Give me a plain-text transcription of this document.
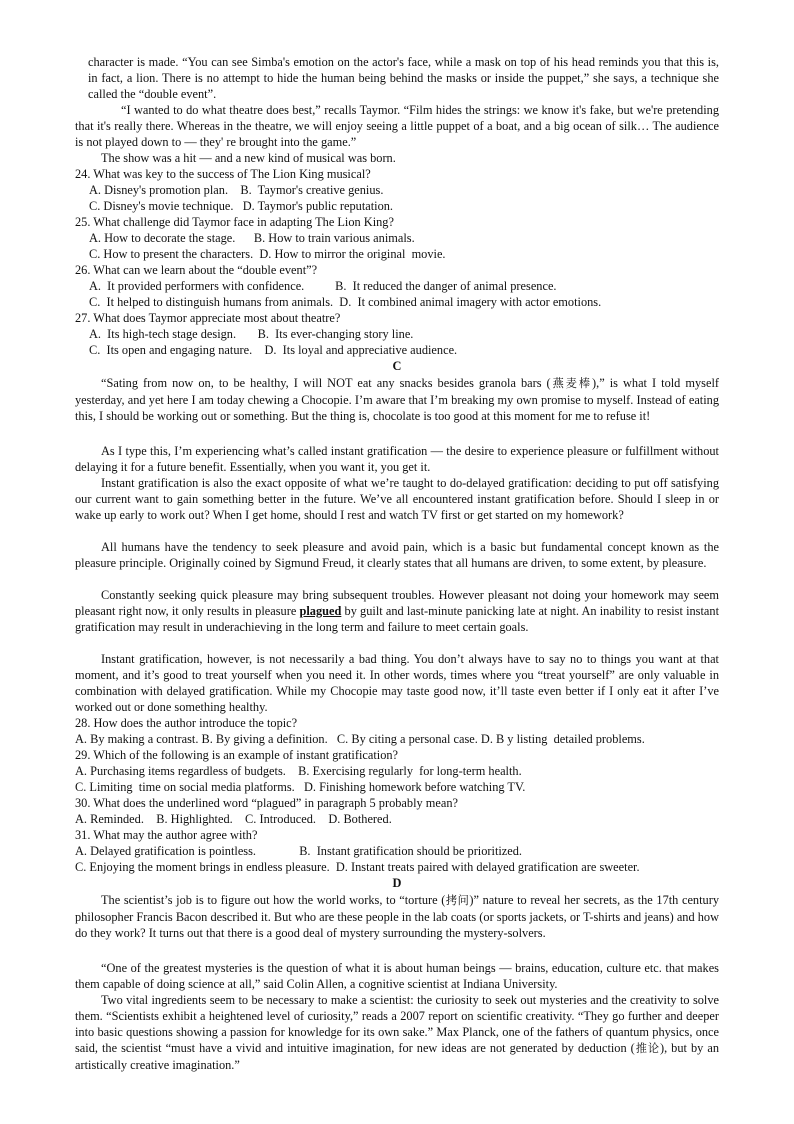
character is made. “You can see Simba's emotion on the actor's face, while a mask on top of his head reminds you that this is, in fact, a lion. There is no attempt to hide the human being behind the masks or inside the puppet,” she says, a technique she called the “double event”.

“I wanted to do what theatre does best,” recalls Taymor. “Film hides the strings: we know it's fake, but we're pretending that it's really there. Whereas in the theatre, we will enjoy seeing a little puppet of a boat, and a big ocean of silk… The audience is not played down to — they' re brought into the game.”

The show was a hit — and a new kind of musical was born.

24. What was key to the success of The Lion King musical?
A. Disney's promotion plan.    B.  Taymor's creative genius.
C. Disney's movie technique.   D. Taymor's public reputation.
25. What challenge did Taymor face in adapting The Lion King?
A. How to decorate the stage.      B. How to train various animals.
C. How to present the characters.  D. How to mirror the original  movie.
26. What can we learn about the “double event”?
A.  It provided performers with confidence.          B.  It reduced the danger of animal presence.
C.  It helped to distinguish humans from animals.  D.  It combined animal imagery with actor emotions.
27. What does Taymor appreciate most about theatre?
A.  Its high-tech stage design.       B.  Its ever-changing story line.
C.  Its open and engaging nature.    D.  Its loyal and appreciative audience.

C

“Sating from now on, to be healthy, I will NOT eat any snacks besides granola bars (燕麦棒),” is what I told myself yesterday, and yet here I am today chewing a Chocopie. I’m aware that I’m breaking my own promise to myself. Instead of eating this, I should be working out or something. But the thing is, chocolate is too good at this moment for me to refuse it!

As I type this, I’m experiencing what’s called instant gratification — the desire to experience pleasure or fulfillment without delaying it for a future benefit. Essentially, when you want it, you get it.

Instant gratification is also the exact opposite of what we’re taught to do-delayed gratification: deciding to put off satisfying our current want to gain something better in the future. We’ve all encountered instant gratification before. Should I sleep in or wake up early to work out? When I get home, should I rest and watch TV first or get started on my homework?

All humans have the tendency to seek pleasure and avoid pain, which is a basic but fundamental concept known as the pleasure principle. Originally coined by Sigmund Freud, it clearly states that all humans are driven, to some extent, by pleasure.

Constantly seeking quick pleasure may bring subsequent troubles. However pleasant not doing your homework may seem pleasant right now, it only results in pleasure plagued by guilt and last-minute panicking late at night. An inability to resist instant gratification may result in underachieving in the long term and failure to meet certain goals.

Instant gratification, however, is not necessarily a bad thing. You don’t always have to say no to things you want at that moment, and it’s good to treat yourself when you need it. In other words, times where you “treat yourself” are only valuable in combination with delayed gratification. While my Chocopie may taste good now, it’ll taste even better if I only eat it after I’ve worked out or done something healthy.

28. How does the author introduce the topic?
A. By making a contrast. B. By giving a definition.   C. By citing a personal case. D. B y listing  detailed problems.
29. Which of the following is an example of instant gratification?
A. Purchasing items regardless of budgets.    B. Exercising regularly  for long-term health.
C. Limiting  time on social media platforms.   D. Finishing homework before watching TV.
30. What does the underlined word “plagued” in paragraph 5 probably mean?
A. Reminded.    B. Highlighted.    C. Introduced.    D. Bothered.
31. What may the author agree with?
A. Delayed gratification is pointless.              B.  Instant gratification should be prioritized.
C. Enjoying the moment brings in endless pleasure.  D. Instant treats paired with delayed gratification are sweeter.

D

The scientist’s job is to figure out how the world works, to “torture (拷问)” nature to reveal her secrets, as the 17th century philosopher Francis Bacon described it. But who are these people in the lab coats (or sports jackets, or T-shirts and jeans) and how do they work? It turns out that there is a good deal of mystery surrounding the mystery-solvers.

“One of the greatest mysteries is the question of what it is about human beings — brains, education, culture etc. that makes them capable of doing science at all,” said Colin Allen, a cognitive scientist at Indiana University.

Two vital ingredients seem to be necessary to make a scientist: the curiosity to seek out mysteries and the creativity to solve them. “Scientists exhibit a heightened level of curiosity,” reads a 2007 report on scientific creativity. “They go further and deeper into basic questions showing a passion for knowledge for its own sake.” Max Planck, one of the fathers of quantum physics, once said, the scientist “must have a vivid and intuitive imagination, for new ideas are not generated by deduction (推论), but by an artistically creative imagination.”
